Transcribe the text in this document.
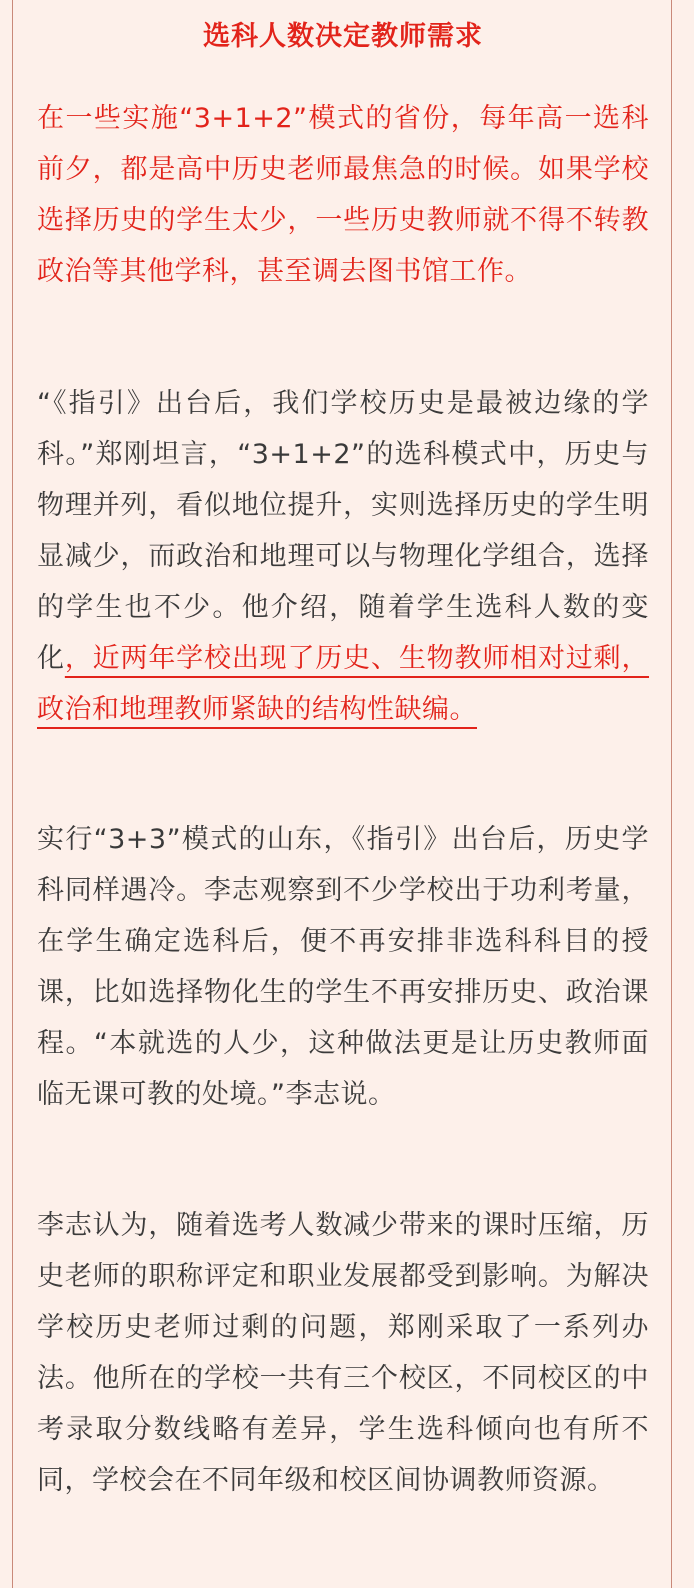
选科人数决定教师需求

在一些实施“3+1+2”模式的省份，每年高一选科前夕，都是高中历史老师最焦急的时候。如果学校选择历史的学生太少，一些历史教师就不得不转教政治等其他学科，甚至调去图书馆工作。

“《指引》出台后，我们学校历史是最被边缘的学科。”郑刚坦言，“3+1+2”的选科模式中，历史与物理并列，看似地位提升，实则选择历史的学生明显减少，而政治和地理可以与物理化学组合，选择的学生也不少。他介绍，随着学生选科人数的变化，近两年学校出现了历史、生物教师相对过剩，政治和地理教师紧缺的结构性缺编。

实行“3+3”模式的山东，《指引》出台后，历史学科同样遇冷。李志观察到不少学校出于功利考量，在学生确定选科后，便不再安排非选科科目的授课，比如选择物化生的学生不再安排历史、政治课程。“本就选的人少，这种做法更是让历史教师面临无课可教的处境。”李志说。

李志认为，随着选考人数减少带来的课时压缩，历史老师的职称评定和职业发展都受到影响。为解决学校历史老师过剩的问题，郑刚采取了一系列办法。他所在的学校一共有三个校区，不同校区的中考录取分数线略有差异，学生选科倾向也有所不同，学校会在不同年级和校区间协调教师资源。
